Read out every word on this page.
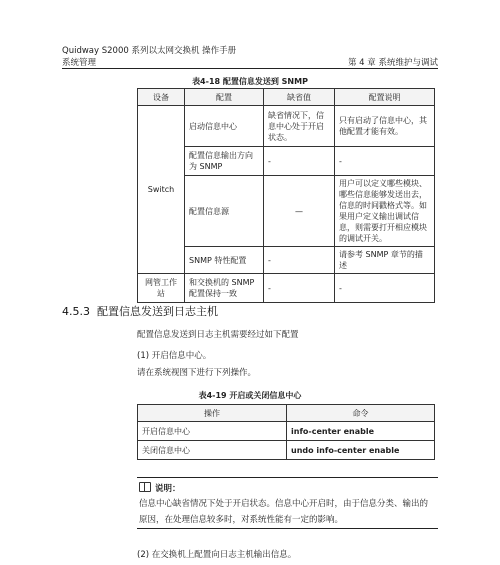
Quidway S2000 系列以太网交换机 操作手册
系统管理	第 4 章 系统维护与调试
表4-18 配置信息发送到 SNMP
设备	配置	缺省值	配置说明
Switch	启动信息中心	缺省情况下，信息中心处于开启状态。	只有启动了信息中心，其他配置才能有效。
	配置信息输出方向为 SNMP	-	-
	配置信息源	—	用户可以定义哪些模块、哪些信息能够发送出去，信息的时间戳格式等。如果用户定义输出调试信息，则需要打开相应模块的调试开关。
	SNMP 特性配置	-	请参考 SNMP 章节的描述
网管工作站	和交换机的 SNMP 配置保持一致	-	-
4.5.3 配置信息发送到日志主机
配置信息发送到日志主机需要经过如下配置
(1) 开启信息中心。
请在系统视图下进行下列操作。
表4-19 开启或关闭信息中心
操作	命令
开启信息中心	info-center enable
关闭信息中心	undo info-center enable
说明：
信息中心缺省情况下处于开启状态。信息中心开启时，由于信息分类、输出的原因，在处理信息较多时，对系统性能有一定的影响。
(2) 在交换机上配置向日志主机输出信息。
